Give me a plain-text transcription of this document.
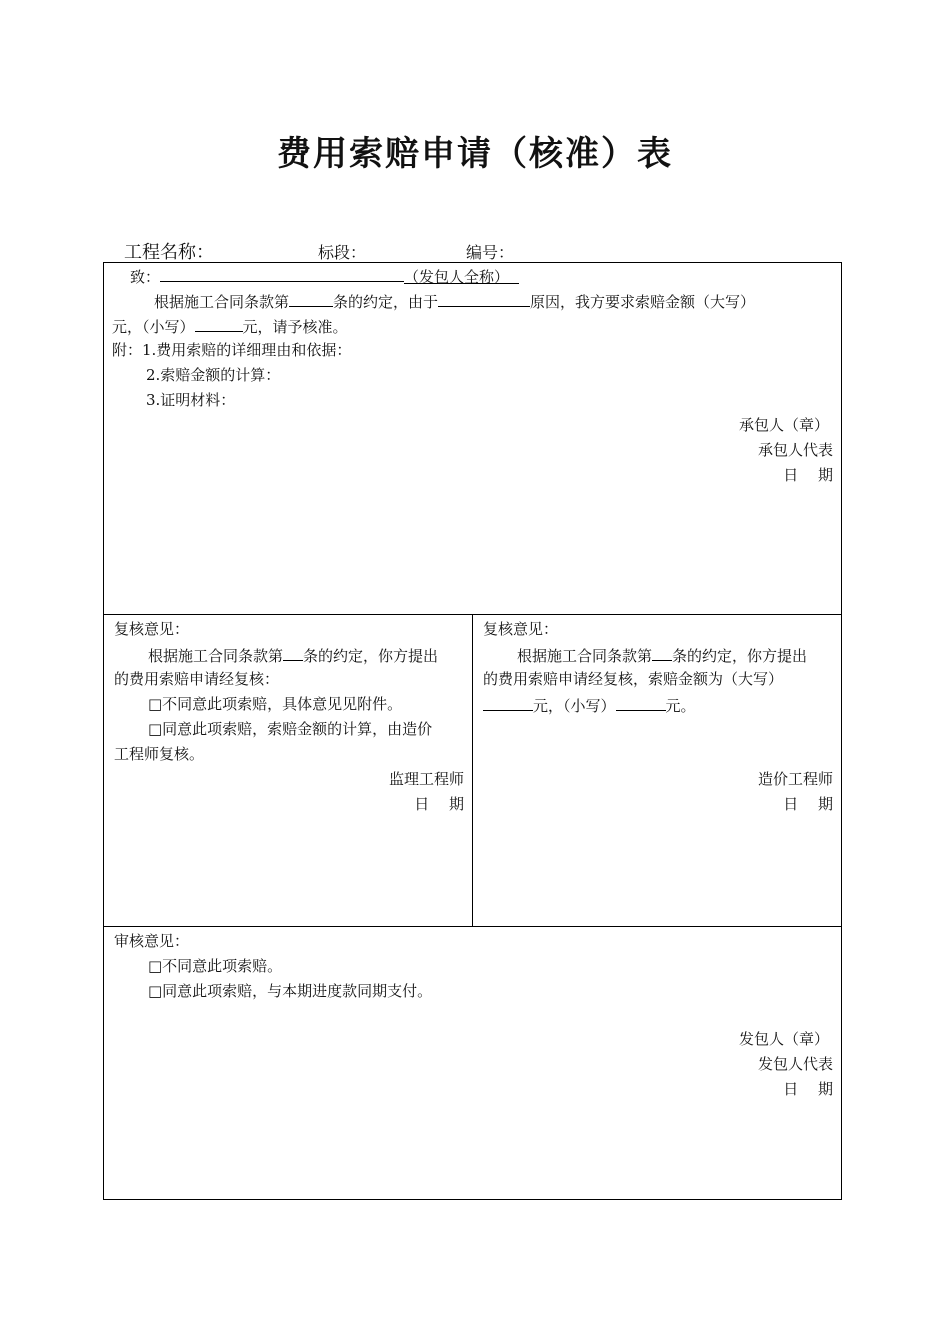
费用索赔申请（核准）表
工程名称：	标段：	编号：
致：	（发包人全称）
根据施工合同条款第	条的约定，由于	原因，我方要求索赔金额（大写）
元，（小写）	元，请予核准。
附：1.费用索赔的详细理由和依据：
2.索赔金额的计算：
3.证明材料：
承包人（章）
承包人代表
日　 期
复核意见：
根据施工合同条款第 条的约定，你方提出
的费用索赔申请经复核：
□不同意此项索赔，具体意见见附件。
□同意此项索赔，索赔金额的计算，由造价
工程师复核。
监理工程师
日　 期
复核意见：
根据施工合同条款第 条的约定，你方提出
的费用索赔申请经复核，索赔金额为（大写）
元，（小写）	元。
造价工程师
日　 期
审核意见：
□不同意此项索赔。
□同意此项索赔，与本期进度款同期支付。
发包人（章）
发包人代表
日　 期
